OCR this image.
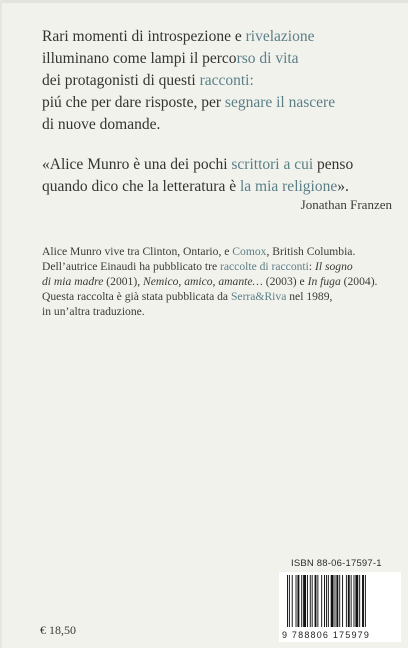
Rari momenti di introspezione e rivelazione
illuminano come lampi il percorso di vita
dei protagonisti di questi racconti:
piú che per dare risposte, per segnare il nascere
di nuove domande.
«Alice Munro è una dei pochi scrittori a cui penso
quando dico che la letteratura è la mia religione».
Jonathan Franzen
Alice Munro vive tra Clinton, Ontario, e Comox, British Columbia.
Dell’autrice Einaudi ha pubblicato tre raccolte di racconti: Il sogno
di mia madre (2001), Nemico, amico, amante… (2003) e In fuga (2004).
Questa raccolta è già stata pubblicata da Serra&Riva nel 1989,
in un’altra traduzione.
ISBN 88-06-17597-1
9 788806 175979
€ 18,50
